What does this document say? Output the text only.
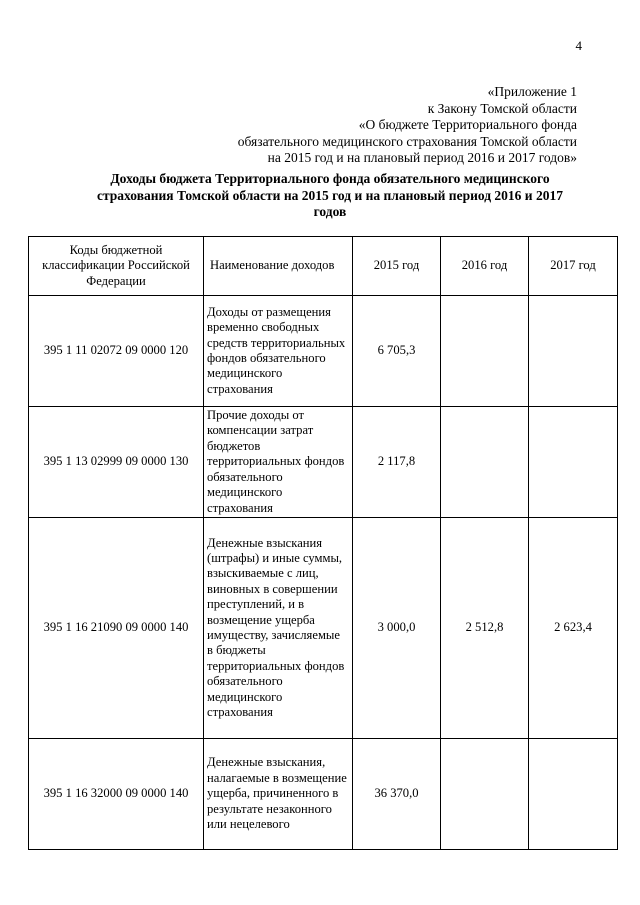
4
«Приложение 1
к Закону Томской области
«О бюджете Территориального фонда
обязательного медицинского страхования Томской области
на 2015 год и на плановый период 2016 и 2017 годов»
Доходы бюджета Территориального фонда обязательного медицинского
страхования Томской области на 2015 год и на плановый период 2016 и 2017
годов
Коды бюджетной классификации Российской Федерации	Наименование доходов	2015 год	2016 год	2017 год
395 1 11 02072 09 0000 120	Доходы от размещения временно свободных средств территориальных фондов обязательного медицинского страхования	6 705,3		
395 1 13 02999 09 0000 130	Прочие доходы от компенсации затрат бюджетов территориальных фондов обязательного медицинского страхования	2 117,8		
395 1 16 21090 09 0000 140	Денежные взыскания (штрафы) и иные суммы, взыскиваемые с лиц, виновных в совершении преступлений, и в возмещение ущерба имуществу, зачисляемые в бюджеты территориальных фондов обязательного медицинского страхования	3 000,0	2 512,8	2 623,4
395 1 16 32000 09 0000 140	Денежные взыскания, налагаемые в возмещение ущерба, причиненного в результате незаконного или нецелевого	36 370,0		
